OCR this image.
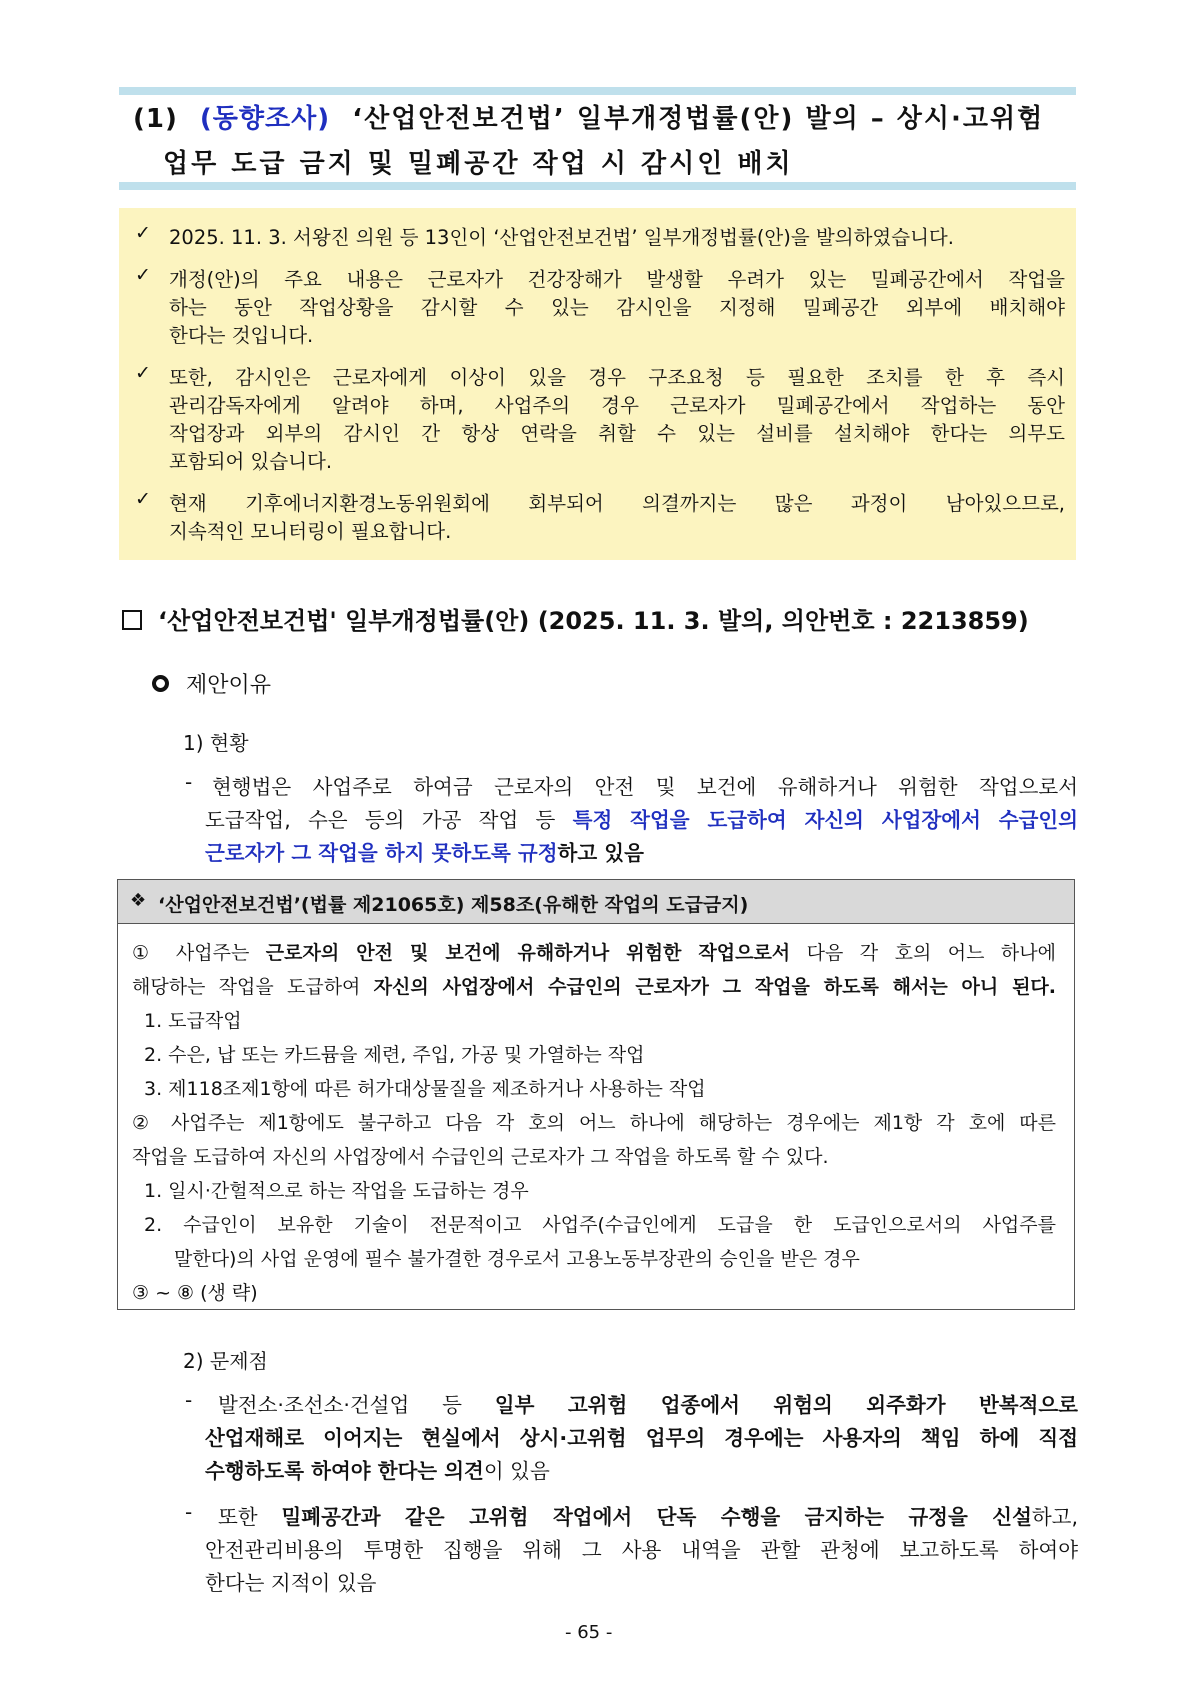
(1) (동향조사) ‘산업안전보건법’ 일부개정법률(안) 발의 – 상시·고위험
업무 도급 금지 및 밀폐공간 작업 시 감시인 배치
✓ 2025. 11. 3. 서왕진 의원 등 13인이 ‘산업안전보건법’ 일부개정법률(안)을 발의하였습니다.
✓ 개정(안)의 주요 내용은 근로자가 건강장해가 발생할 우려가 있는 밀폐공간에서 작업을
하는 동안 작업상황을 감시할 수 있는 감시인을 지정해 밀폐공간 외부에 배치해야
한다는 것입니다.
✓ 또한, 감시인은 근로자에게 이상이 있을 경우 구조요청 등 필요한 조치를 한 후 즉시
관리감독자에게 알려야 하며, 사업주의 경우 근로자가 밀폐공간에서 작업하는 동안
작업장과 외부의 감시인 간 항상 연락을 취할 수 있는 설비를 설치해야 한다는 의무도
포함되어 있습니다.
✓ 현재 기후에너지환경노동위원회에 회부되어 의결까지는 많은 과정이 남아있으므로,
지속적인 모니터링이 필요합니다.
‘산업안전보건법' 일부개정법률(안) (2025. 11. 3. 발의, 의안번호 : 2213859)
제안이유
1) 현황
- 현행법은 사업주로 하여금 근로자의 안전 및 보건에 유해하거나 위험한 작업으로서
도급작업, 수은 등의 가공 작업 등 특정 작업을 도급하여 자신의 사업장에서 수급인의
근로자가 그 작업을 하지 못하도록 규정하고 있음
❖ ‘산업안전보건법’(법률 제21065호) 제58조(유해한 작업의 도급금지)
① 사업주는 근로자의 안전 및 보건에 유해하거나 위험한 작업으로서 다음 각 호의 어느 하나에
해당하는 작업을 도급하여 자신의 사업장에서 수급인의 근로자가 그 작업을 하도록 해서는 아니 된다.
1. 도급작업
2. 수은, 납 또는 카드뮴을 제련, 주입, 가공 및 가열하는 작업
3. 제118조제1항에 따른 허가대상물질을 제조하거나 사용하는 작업
② 사업주는 제1항에도 불구하고 다음 각 호의 어느 하나에 해당하는 경우에는 제1항 각 호에 따른
작업을 도급하여 자신의 사업장에서 수급인의 근로자가 그 작업을 하도록 할 수 있다.
1. 일시·간헐적으로 하는 작업을 도급하는 경우
2. 수급인이 보유한 기술이 전문적이고 사업주(수급인에게 도급을 한 도급인으로서의 사업주를
말한다)의 사업 운영에 필수 불가결한 경우로서 고용노동부장관의 승인을 받은 경우
③ ~ ⑧ (생 략)
2) 문제점
- 발전소·조선소·건설업 등 일부 고위험 업종에서 위험의 외주화가 반복적으로
산업재해로 이어지는 현실에서 상시·고위험 업무의 경우에는 사용자의 책임 하에 직접
수행하도록 하여야 한다는 의견이 있음
- 또한 밀폐공간과 같은 고위험 작업에서 단독 수행을 금지하는 규정을 신설하고,
안전관리비용의 투명한 집행을 위해 그 사용 내역을 관할 관청에 보고하도록 하여야
한다는 지적이 있음
- 65 -
